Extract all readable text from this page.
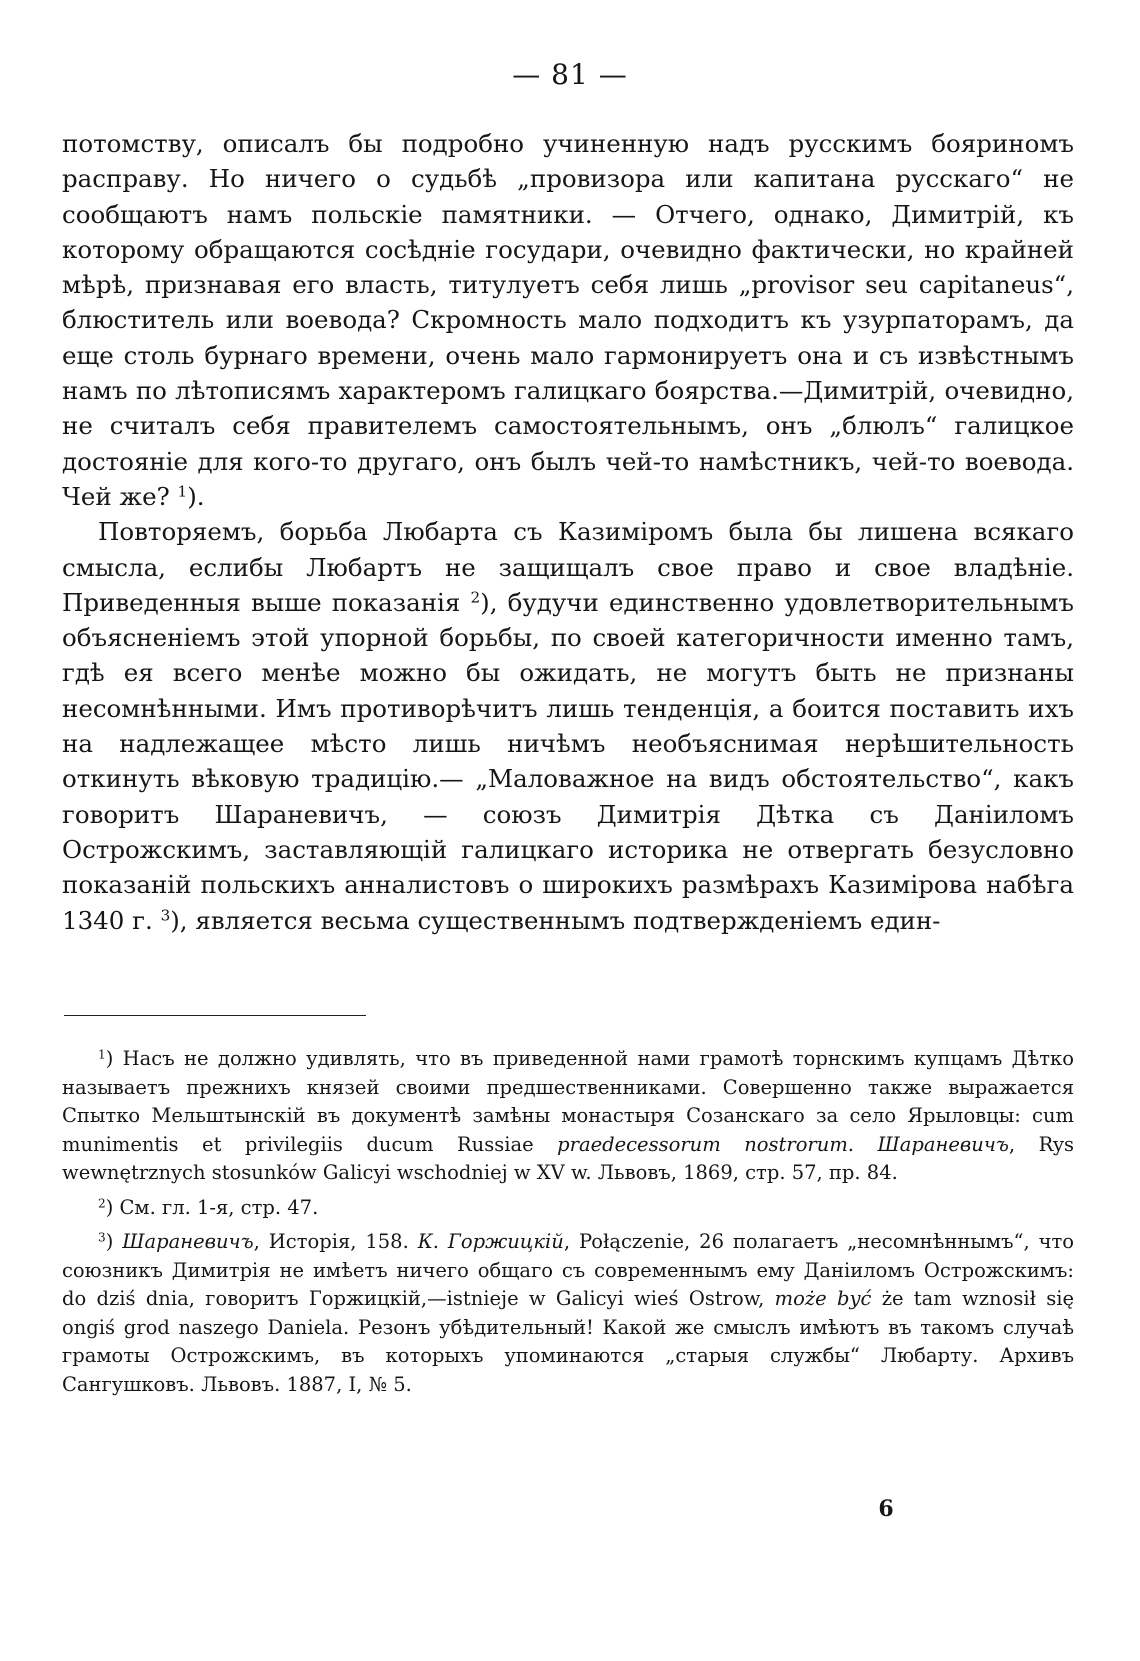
— 81 —

потомству, описалъ бы подробно учиненную надъ русскимъ бояриномъ расправу. Но ничего о судьбѣ „провизора или капитана русскаго“ не сообщаютъ намъ польскіе памятники. — Отчего, однако, Димитрій, къ которому обращаются сосѣдніе государи, очевидно фактически, но крайней мѣрѣ, признавая его власть, титулуетъ себя лишь „provisor seu capitaneus“, блюститель или воевода? Скромность мало подходитъ къ узурпаторамъ, да еще столь бурнаго времени, очень мало гармонируетъ она и съ извѣстнымъ намъ по лѣтописямъ характеромъ галицкаго боярства.—Димитрій, очевидно, не считалъ себя правителемъ самостоятельнымъ, онъ „блюлъ“ галицкое достояніе для кого-то другаго, онъ былъ чей-то намѣстникъ, чей-то воевода. Чей же? $^1$).

Повторяемъ, борьба Любарта съ Казиміромъ была бы лишена всякаго смысла, еслибы Любартъ не защищалъ свое право и свое владѣніе. Приведенныя выше показанія $^2$), будучи единственно удовлетворительнымъ объясненіемъ этой упорной борьбы, по своей категоричности именно тамъ, гдѣ ея всего менѣе можно бы ожидать, не могутъ быть не признаны несомнѣнными. Имъ противорѣчитъ лишь тенденція, а боится поставить ихъ на надлежащее мѣсто лишь ничѣмъ необъяснимая нерѣшительность откинуть вѣковую традицію.— „Маловажное на видъ обстоятельство“, какъ говоритъ Шараневичъ, — союзъ Димитрія Дѣтка съ Даніиломъ Острожскимъ, заставляющій галицкаго историка не отвергать безусловно показаній польскихъ анналистовъ о широкихъ размѣрахъ Казимірова набѣга 1340 г. $^3$), является весьма существеннымъ подтвержденіемъ един-

$^1$) Насъ не должно удивлять, что въ приведенной нами грамотѣ торнскимъ купцамъ Дѣтко называетъ прежнихъ князей своими предшественниками. Совершенно также выражается Спытко Мельштынскій въ документѣ замѣны монастыря Созанскаго за село Ярыловцы: cum munimentis et privilegiis ducum Russiae praedecessorum nostrorum. Шараневичъ, Rys wewnętrznych stosunków Galicyi wschodniej w XV w. Львовъ, 1869, стр. 57, пр. 84.

$^2$) См. гл. 1-я, стр. 47.

$^3$) Шараневичъ, Исторія, 158. К. Горжицкій, Połączenie, 26 полагаетъ „несомнѣннымъ“, что союзникъ Димитрія не имѣетъ ничего общаго съ современнымъ ему Даніиломъ Острожскимъ: do dziś dnia, говоритъ Горжицкій,—istnieje w Galicyi wieś Ostrow, może być że tam wznosił się ongiś grod naszego Daniela. Резонъ убѣдительный! Какой же смыслъ имѣютъ въ такомъ случаѣ грамоты Острожскимъ, въ которыхъ упоминаются „старыя службы“ Любарту. Архивъ Сангушковъ. Львовъ. 1887, I, № 5.

6
